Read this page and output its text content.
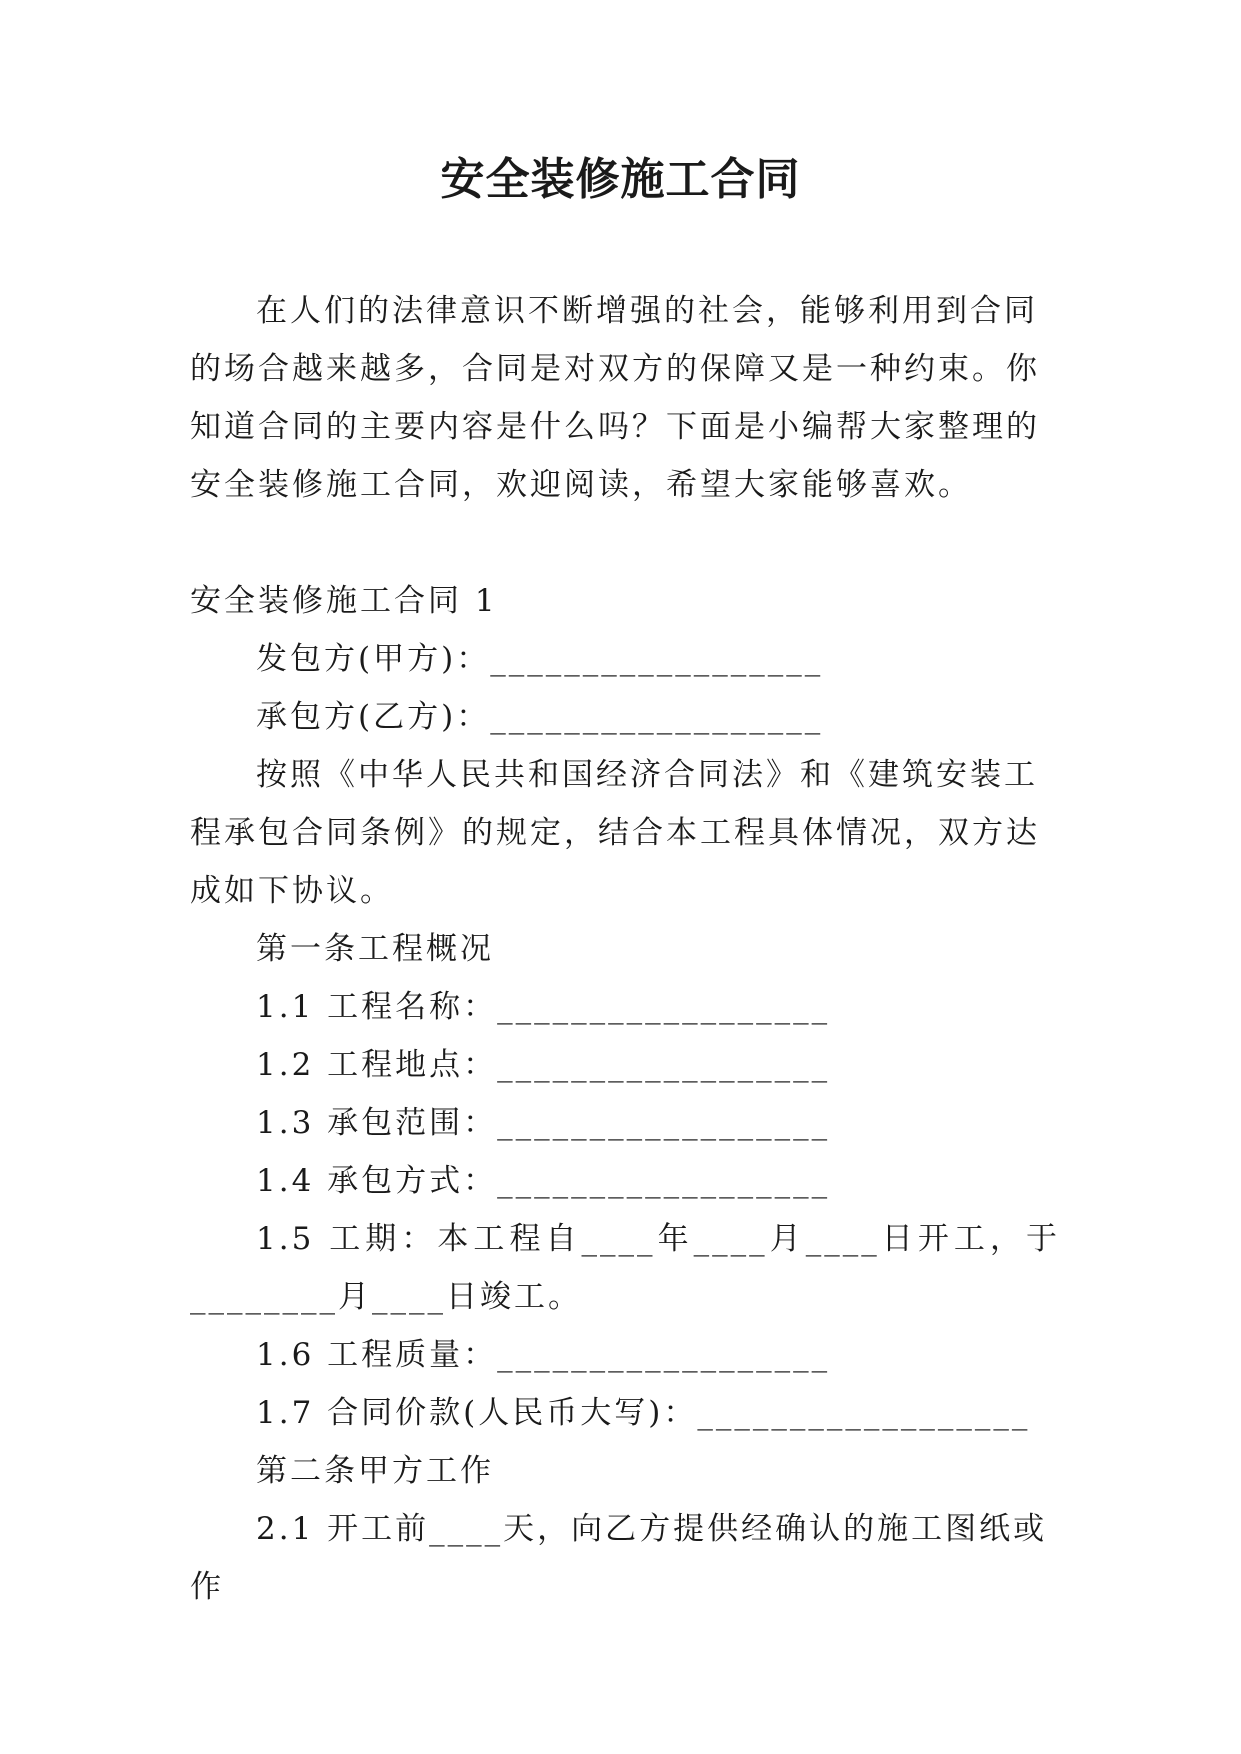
安全装修施工合同

在人们的法律意识不断增强的社会，能够利用到合同的场合越来越多，合同是对双方的保障又是一种约束。你知道合同的主要内容是什么吗？下面是小编帮大家整理的安全装修施工合同，欢迎阅读，希望大家能够喜欢。

安全装修施工合同 1

发包方(甲方)：__________________

承包方(乙方)：__________________

按照《中华人民共和国经济合同法》和《建筑安装工程承包合同条例》的规定，结合本工程具体情况，双方达成如下协议。

第一条工程概况

1.1 工程名称：__________________

1.2 工程地点：__________________

1.3 承包范围：__________________

1.4 承包方式：__________________

1.5 工期：本工程自____年____月____日开工，于

________月____日竣工。

1.6 工程质量：__________________

1.7 合同价款(人民币大写)：__________________

第二条甲方工作

2.1 开工前____天，向乙方提供经确认的施工图纸或作
